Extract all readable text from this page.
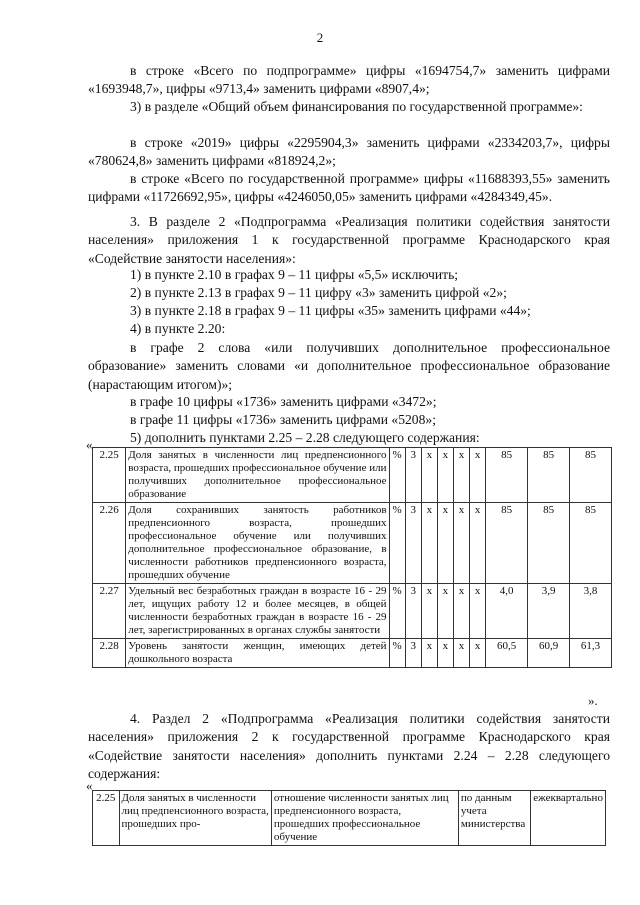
2

в строке «Всего по подпрограмме» цифры «1694754,7» заменить цифрами «1693948,7», цифры «9713,4» заменить цифрами «8907,4»;

3) в разделе «Общий объем финансирования по государственной программе»:

в строке «2019» цифры «2295904,3» заменить цифрами «2334203,7», цифры «780624,8» заменить цифрами «818924,2»;

в строке «Всего по государственной программе» цифры «11688393,55» заменить цифрами «11726692,95», цифры «4246050,05» заменить цифрами «4284349,45».

3. В разделе 2 «Подпрограмма «Реализация политики содействия занятости населения» приложения 1 к государственной программе Краснодарского края «Содействие занятости населения»:

1) в пункте 2.10 в графах 9 – 11 цифры «5,5» исключить;

2) в пункте 2.13 в графах 9 – 11 цифру «3» заменить цифрой «2»;

3) в пункте 2.18 в графах 9 – 11 цифры «35» заменить цифрами «44»;

4) в пункте 2.20:

в графе 2 слова «или получивших дополнительное профессиональное образование» заменить словами «и дополнительное профессиональное образование (нарастающим итогом)»;

в графе 10 цифры «1736» заменить цифрами «3472»;

в графе 11 цифры «1736» заменить цифрами «5208»;

5) дополнить пунктами 2.25 – 2.28 следующего содержания:

«
2.25	Доля занятых в численности лиц предпенсионного возраста, прошедших профессиональное обучение или получивших дополнительное профессиональное образование	%	3	х	х	х	х	85	85	85
2.26	Доля сохранивших занятость работников предпенсионного возраста, прошедших профессиональное обучение или получивших дополнительное профессиональное образование, в численности работников предпенсионного возраста, прошедших обучение	%	3	х	х	х	х	85	85	85
2.27	Удельный вес безработных граждан в возрасте 16 - 29 лет, ищущих работу 12 и более месяцев, в общей численности безработных граждан в возрасте 16 - 29 лет, зарегистрированных в органах службы занятости	%	3	х	х	х	х	4,0	3,9	3,8
2.28	Уровень занятости женщин, имеющих детей дошкольного возраста	%	3	х	х	х	х	60,5	60,9	61,3
».

4. Раздел 2 «Подпрограмма «Реализация политики содействия занятости населения» приложения 2 к государственной программе Краснодарского края «Содействие занятости населения» дополнить пунктами 2.24 – 2.28 следующего содержания:

«
2.25	Доля занятых в численности лиц предпенсионного возраста, прошедших про-	отношение численности занятых лиц предпенсионного возраста, прошедших профессиональное обучение	по данным учета министерства	ежеквартально
